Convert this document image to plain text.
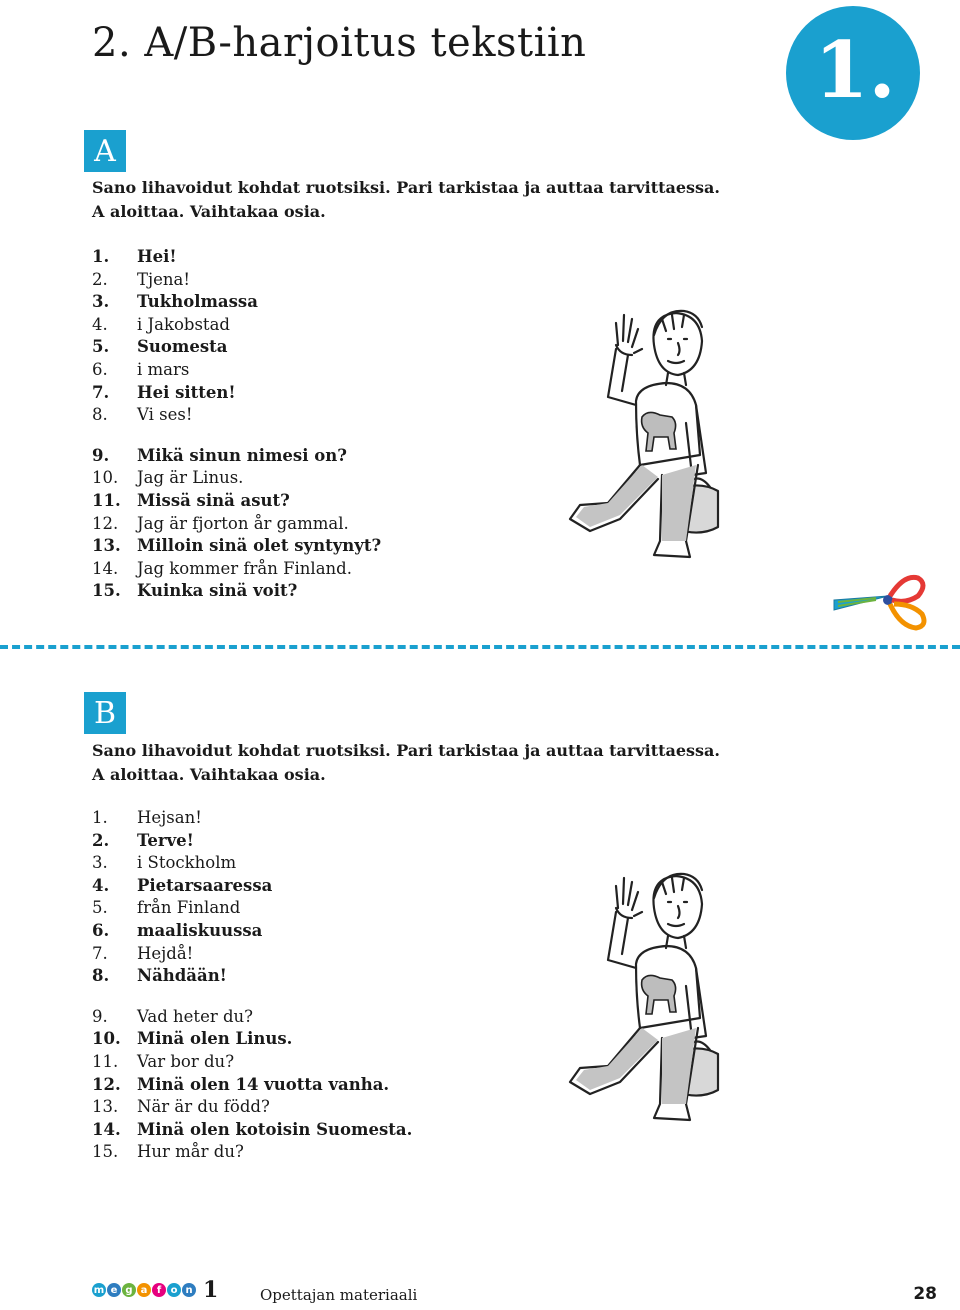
2. A/B-harjoitus tekstiin	1.
A
Sano lihavoidut kohdat ruotsiksi. Pari tarkistaa ja auttaa tarvittaessa.
A aloittaa. Vaihtakaa osia.
1.	Hei!
2.	Tjena!
3.	Tukholmassa
4.	i Jakobstad
5.	Suomesta
6.	i mars
7.	Hei sitten!
8.	Vi ses!
9.	Mikä sinun nimesi on?
10.	Jag är Linus.
11. Missä sinä asut?
12.	Jag är fjorton år gammal.
13. Milloin sinä olet syntynyt?
14.	Jag kommer från Finland.
15. Kuinka sinä voit?
B
Sano lihavoidut kohdat ruotsiksi. Pari tarkistaa ja auttaa tarvittaessa.
A aloittaa. Vaihtakaa osia.
1.	Hejsan!
2.	Terve!
3.	i Stockholm
4.	Pietarsaaressa
5.	från Finland
6.	maaliskuussa
7.	Hejdå!
8.	Nähdään!
9.	Vad heter du?
10. Minä olen Linus.
11.	Var bor du?
12. Minä olen 14 vuotta vanha.
13.	När är du född?
14. Minä olen kotoisin Suomesta.
15.	Hur mår du?
m e g a f o n 1	Opettajan materiaali	28
